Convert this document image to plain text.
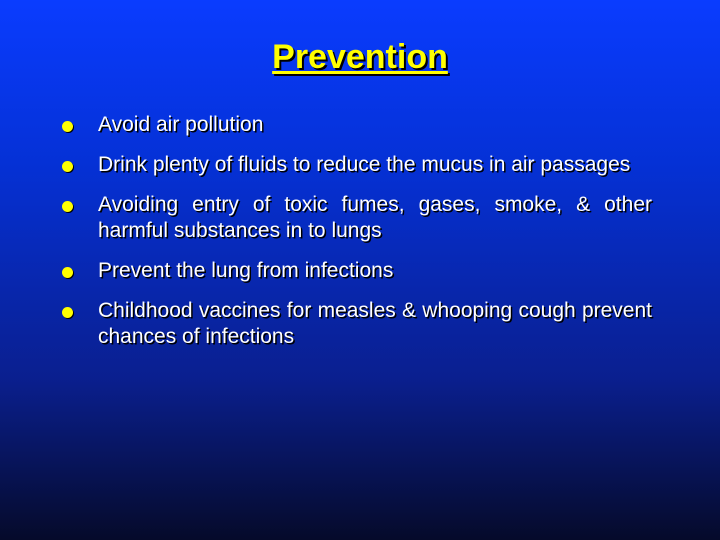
Prevention
Avoid air pollution
Drink plenty of fluids to reduce the mucus in air passages
Avoiding entry of toxic fumes, gases, smoke, & other harmful substances in to lungs
Prevent the lung from infections
Childhood vaccines for measles & whooping cough prevent chances of infections
